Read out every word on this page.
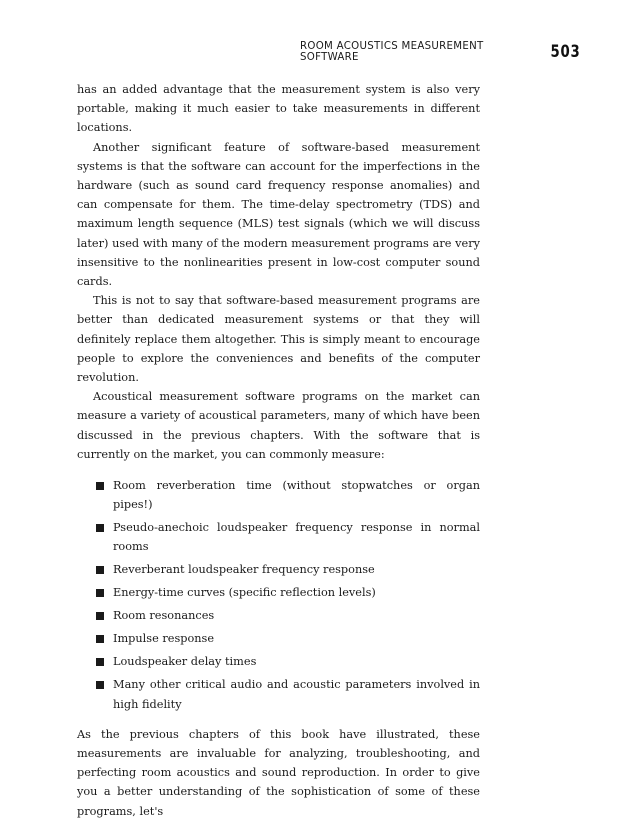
ROOM ACOUSTICS MEASUREMENT SOFTWARE	503

has an added advantage that the measurement system is also very portable, making it much easier to take measurements in different locations.

Another significant feature of software-based measurement systems is that the software can account for the imperfections in the hardware (such as sound card frequency response anomalies) and can compensate for them. The time-delay spectrometry (TDS) and maximum length sequence (MLS) test signals (which we will discuss later) used with many of the modern measurement programs are very insensitive to the nonlinearities present in low-cost computer sound cards.

This is not to say that software-based measurement programs are better than dedicated measurement systems or that they will definitely replace them altogether. This is simply meant to encourage people to explore the conveniences and benefits of the computer revolution.

Acoustical measurement software programs on the market can measure a variety of acoustical parameters, many of which have been discussed in the previous chapters. With the software that is currently on the market, you can commonly measure:

Room reverberation time (without stopwatches or organ pipes!)
Pseudo-anechoic loudspeaker frequency response in normal rooms
Reverberant loudspeaker frequency response
Energy-time curves (specific reflection levels)
Room resonances
Impulse response
Loudspeaker delay times
Many other critical audio and acoustic parameters involved in high fidelity

As the previous chapters of this book have illustrated, these measurements are invaluable for analyzing, troubleshooting, and perfecting room acoustics and sound reproduction. In order to give you a better understanding of the sophistication of some of these programs, let's
